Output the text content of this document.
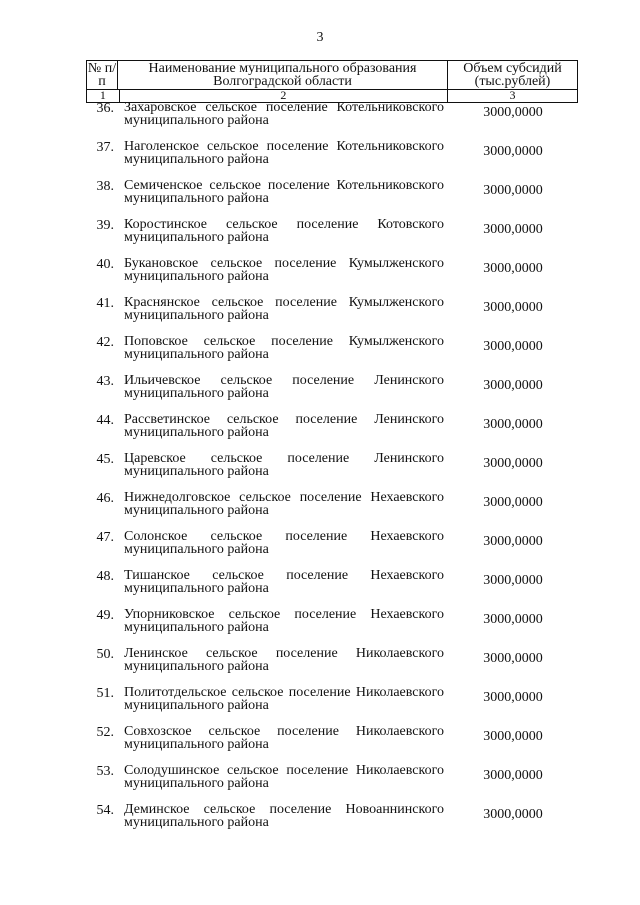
3
№ п/п
Наименование муниципального образования Волгоградской области
Объем субсидий (тыс.рублей)
1	2	3
36. Захаровское сельское поселение Котельниковского муниципального района
3000,0000
37. Наголенское сельское поселение Котельниковского муниципального района
3000,0000
38. Семиченское сельское поселение Котельниковского муниципального района
3000,0000
39. Коростинское сельское поселение Котовского муниципального района
3000,0000
40. Букановское сельское поселение Кумылженского муниципального района
3000,0000
41. Краснянское сельское поселение Кумылженского муниципального района
3000,0000
42. Поповское сельское поселение Кумылженского муниципального района
3000,0000
43. Ильичевское сельское поселение Ленинского муниципального района
3000,0000
44. Рассветинское сельское поселение Ленинского муниципального района
3000,0000
45. Царевское сельское поселение Ленинского муниципального района
3000,0000
46. Нижнедолговское сельское поселение Нехаевского муниципального района
3000,0000
47. Солонское сельское поселение Нехаевского муниципального района
3000,0000
48. Тишанское сельское поселение Нехаевского муниципального района
3000,0000
49. Упорниковское сельское поселение Нехаевского муниципального района
3000,0000
50. Ленинское сельское поселение Николаевского муниципального района
3000,0000
51. Политотдельское сельское поселение Николаевского муниципального района
3000,0000
52. Совхозское сельское поселение Николаевского муниципального района
3000,0000
53. Солодушинское сельское поселение Николаевского муниципального района
3000,0000
54. Деминское сельское поселение Новоаннинского муниципального района
3000,0000
